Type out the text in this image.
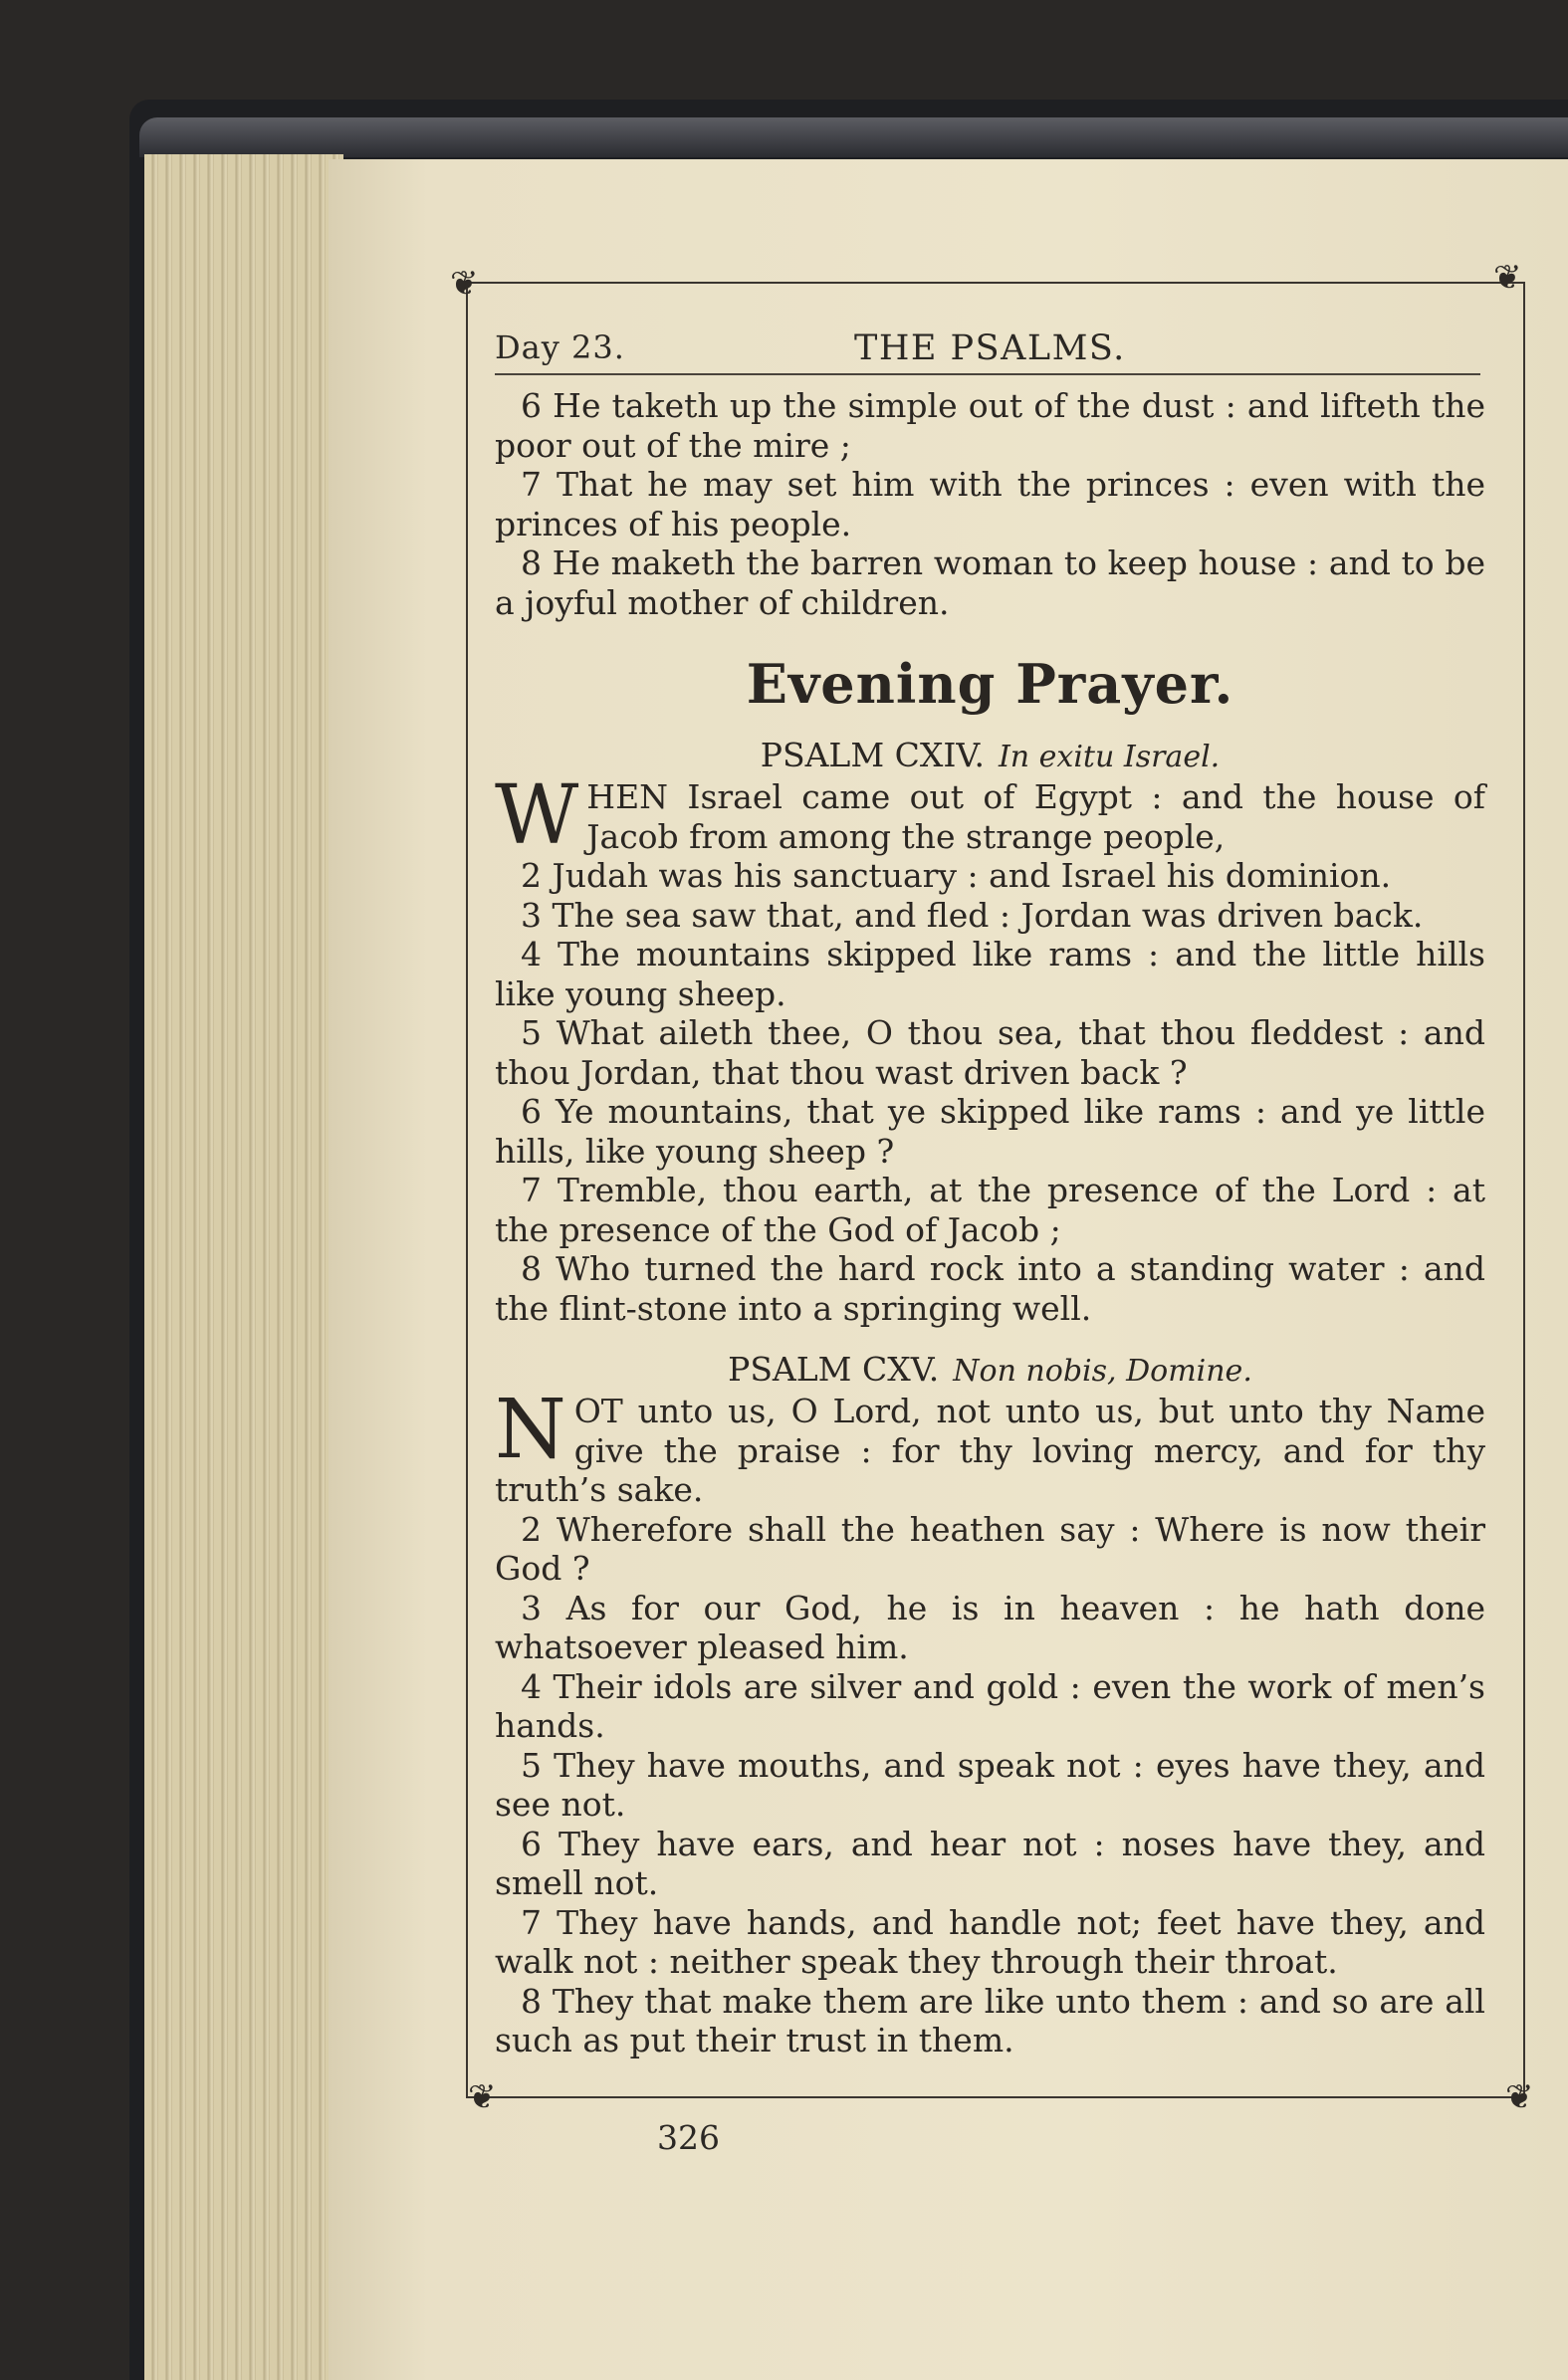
❦	❦
❦	❦
Day 23.	THE PSALMS.

6 He taketh up the simple out of the dust : and lifteth the poor out of the mire ;

7 That he may set him with the princes : even with the princes of his people.

8 He maketh the barren woman to keep house : and to be a joyful mother of children.

Evening Prayer.

PSALM CXIV. In exitu Israel.

WHEN Israel came out of Egypt : and the house of Jacob from among the strange people,

2 Judah was his sanctuary : and Israel his dominion.

3 The sea saw that, and fled : Jordan was driven back.

4 The mountains skipped like rams : and the little hills like young sheep.

5 What aileth thee, O thou sea, that thou fleddest : and thou Jordan, that thou wast driven back ?

6 Ye mountains, that ye skipped like rams : and ye little hills, like young sheep ?

7 Tremble, thou earth, at the presence of the Lord : at the presence of the God of Jacob ;

8 Who turned the hard rock into a standing water : and the flint-stone into a springing well.

PSALM CXV. Non nobis, Domine.

NOT unto us, O Lord, not unto us, but unto thy Name give the praise : for thy loving mercy, and for thy truth’s sake.

2 Wherefore shall the heathen say : Where is now their God ?

3 As for our God, he is in heaven : he hath done whatsoever pleased him.

4 Their idols are silver and gold : even the work of men’s hands.

5 They have mouths, and speak not : eyes have they, and see not.

6 They have ears, and hear not : noses have they, and smell not.

7 They have hands, and handle not; feet have they, and walk not : neither speak they through their throat.

8 They that make them are like unto them : and so are all such as put their trust in them.

326
